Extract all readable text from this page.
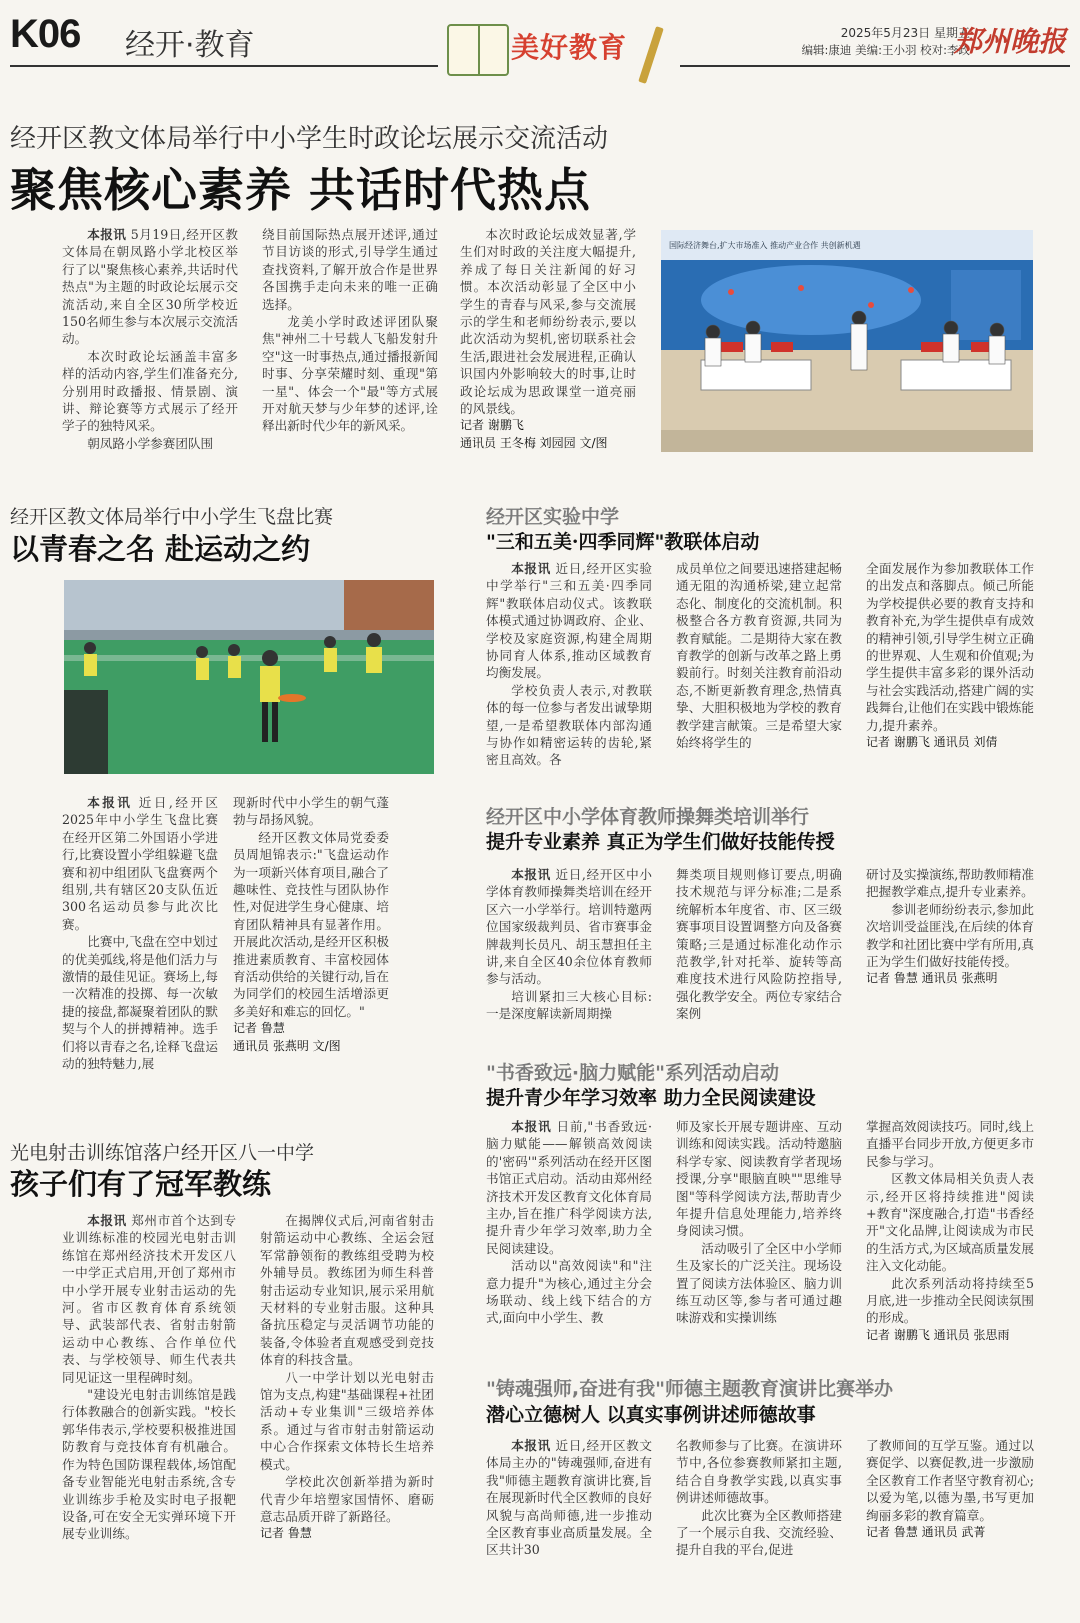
K06 经开·教育	美好教育	2025年5月23日 星期五
编辑:康迪 美编:王小羽 校对:李政
郑州晚报
经开区教文体局举行中小学生时政论坛展示交流活动
聚焦核心素养 共话时代热点

本报讯 5月19日,经开区教文体局在朝凤路小学北校区举行了以"聚焦核心素养,共话时代热点"为主题的时政论坛展示交流活动,来自全区30所学校近150名师生参与本次展示交流活动。

本次时政论坛涵盖丰富多样的活动内容,学生们准备充分,分别用时政播报、情景剧、演讲、辩论赛等方式展示了经开学子的独特风采。

朝凤路小学参赛团队围

绕目前国际热点展开述评,通过节目访谈的形式,引导学生通过查找资料,了解开放合作是世界各国携手走向未来的唯一正确选择。

龙美小学时政述评团队聚焦"神州二十号载人飞船发射升空"这一时事热点,通过播报新闻时事、分享荣耀时刻、重现"第一星"、体会一个"最"等方式展开对航天梦与少年梦的述评,诠释出新时代少年的新风采。

本次时政论坛成效显著,学生们对时政的关注度大幅提升,养成了每日关注新闻的好习惯。本次活动彰显了全区中小学生的青春与风采,参与交流展示的学生和老师纷纷表示,要以此次活动为契机,密切联系社会生活,跟进社会发展进程,正确认识国内外影响较大的时事,让时政论坛成为思政课堂一道亮丽的风景线。

记者 谢鹏飞
通讯员 王冬梅 刘园园 文/图
国际经济舞台,扩大市场准入 推动产业合作 共创新机遇
经开区教文体局举行中小学生飞盘比赛
以青春之名 赴运动之约

本报讯 近日,经开区2025年中小学生飞盘比赛在经开区第二外国语小学进行,比赛设置小学组躲避飞盘赛和初中组团队飞盘赛两个组别,共有辖区20支队伍近300名运动员参与此次比赛。

比赛中,飞盘在空中划过的优美弧线,将是他们活力与激情的最佳见证。赛场上,每一次精准的投掷、每一次敏捷的接盘,都凝聚着团队的默契与个人的拼搏精神。选手们将以青春之名,诠释飞盘运动的独特魅力,展

现新时代中小学生的朝气蓬勃与昂扬风貌。

经开区教文体局党委委员周旭锦表示:"飞盘运动作为一项新兴体育项目,融合了趣味性、竞技性与团队协作性,对促进学生身心健康、培育团队精神具有显著作用。开展此次活动,是经开区积极推进素质教育、丰富校园体育活动供给的关键行动,旨在为同学们的校园生活增添更多美好和难忘的回忆。"

记者 鲁慧
通讯员 张燕明 文/图
光电射击训练馆落户经开区八一中学
孩子们有了冠军教练

本报讯 郑州市首个达到专业训练标准的校园光电射击训练馆在郑州经济技术开发区八一中学正式启用,开创了郑州市中小学开展专业射击运动的先河。省市区教育体育系统领导、武装部代表、省射击射箭运动中心教练、合作单位代表、与学校领导、师生代表共同见证这一里程碑时刻。

"建设光电射击训练馆是践行体教融合的创新实践。"校长郭华伟表示,学校要积极推进国防教育与竞技体育有机融合。作为特色国防课程载体,场馆配备专业智能光电射击系统,含专业训练步手枪及实时电子报靶设备,可在安全无实弹环境下开展专业训练。

在揭牌仪式后,河南省射击射箭运动中心教练、全运会冠军常静领衔的教练组受聘为校外辅导员。教练团为师生科普射击运动专业知识,展示采用航天材料的专业射击服。这种具备抗压稳定与灵活调节功能的装备,令体验者直观感受到竞技体育的科技含量。

八一中学计划以光电射击馆为支点,构建"基础课程+社团活动+专业集训"三级培养体系。通过与省市射击射箭运动中心合作探索文体特长生培养模式。

学校此次创新举措为新时代青少年培塑家国情怀、磨砺意志品质开辟了新路径。

记者 鲁慧
经开区实验中学
"三和五美·四季同辉"教联体启动

本报讯 近日,经开区实验中学举行"三和五美·四季同辉"教联体启动仪式。该教联体模式通过协调政府、企业、学校及家庭资源,构建全周期协同育人体系,推动区域教育均衡发展。

学校负责人表示,对教联体的每一位参与者发出诚挚期望,一是希望教联体内部沟通与协作如精密运转的齿轮,紧密且高效。各

成员单位之间要迅速搭建起畅通无阻的沟通桥梁,建立起常态化、制度化的交流机制。积极整合各方教育资源,共同为教育赋能。二是期待大家在教育教学的创新与改革之路上勇毅前行。时刻关注教育前沿动态,不断更新教育理念,热情真挚、大胆积极地为学校的教育教学建言献策。三是希望大家始终将学生的

全面发展作为参加教联体工作的出发点和落脚点。倾己所能为学校提供必要的教育支持和教育补充,为学生提供卓有成效的精神引领,引导学生树立正确的世界观、人生观和价值观;为学生提供丰富多彩的课外活动与社会实践活动,搭建广阔的实践舞台,让他们在实践中锻炼能力,提升素养。

记者 谢鹏飞 通讯员 刘倩
经开区中小学体育教师操舞类培训举行
提升专业素养 真正为学生们做好技能传授

本报讯 近日,经开区中小学体育教师操舞类培训在经开区六一小学举行。培训特邀两位国家级裁判员、省市赛事金牌裁判长员凡、胡玉慧担任主讲,来自全区40余位体育教师参与活动。

培训紧扣三大核心目标:一是深度解读新周期操

舞类项目规则修订要点,明确技术规范与评分标准;二是系统解析本年度省、市、区三级赛事项目设置调整方向及备赛策略;三是通过标准化动作示范教学,针对托举、旋转等高难度技术进行风险防控指导,强化教学安全。两位专家结合案例

研讨及实操演练,帮助教师精准把握教学难点,提升专业素养。

参训老师纷纷表示,参加此次培训受益匪浅,在后续的体育教学和社团比赛中学有所用,真正为学生们做好技能传授。

记者 鲁慧 通讯员 张燕明
"书香致远·脑力赋能"系列活动启动
提升青少年学习效率 助力全民阅读建设

本报讯 日前,"书香致远·脑力赋能——解锁高效阅读的'密码'"系列活动在经开区图书馆正式启动。活动由郑州经济技术开发区教育文化体育局主办,旨在推广科学阅读方法,提升青少年学习效率,助力全民阅读建设。

活动以"高效阅读"和"注意力提升"为核心,通过主分会场联动、线上线下结合的方式,面向中小学生、教

师及家长开展专题讲座、互动训练和阅读实践。活动特邀脑科学专家、阅读教育学者现场授课,分享"眼脑直映""思维导图"等科学阅读方法,帮助青少年提升信息处理能力,培养终身阅读习惯。

活动吸引了全区中小学师生及家长的广泛关注。现场设置了阅读方法体验区、脑力训练互动区等,参与者可通过趣味游戏和实操训练

掌握高效阅读技巧。同时,线上直播平台同步开放,方便更多市民参与学习。

区教文体局相关负责人表示,经开区将持续推进"阅读+教育"深度融合,打造"书香经开"文化品牌,让阅读成为市民的生活方式,为区域高质量发展注入文化动能。

此次系列活动将持续至5月底,进一步推动全民阅读氛围的形成。

记者 谢鹏飞 通讯员 张思雨
"铸魂强师,奋进有我"师德主题教育演讲比赛举办
潜心立德树人 以真实事例讲述师德故事

本报讯 近日,经开区教文体局主办的"铸魂强师,奋进有我"师德主题教育演讲比赛,旨在展现新时代全区教师的良好风貌与高尚师德,进一步推动全区教育事业高质量发展。全区共计30

名教师参与了比赛。在演讲环节中,各位参赛教师紧扣主题,结合自身教学实践,以真实事例讲述师德故事。

此次比赛为全区教师搭建了一个展示自我、交流经验、提升自我的平台,促进

了教师间的互学互鉴。通过以赛促学、以赛促教,进一步激励全区教育工作者坚守教育初心;以爱为笔,以德为墨,书写更加绚丽多彩的教育篇章。

记者 鲁慧 通讯员 武菁
